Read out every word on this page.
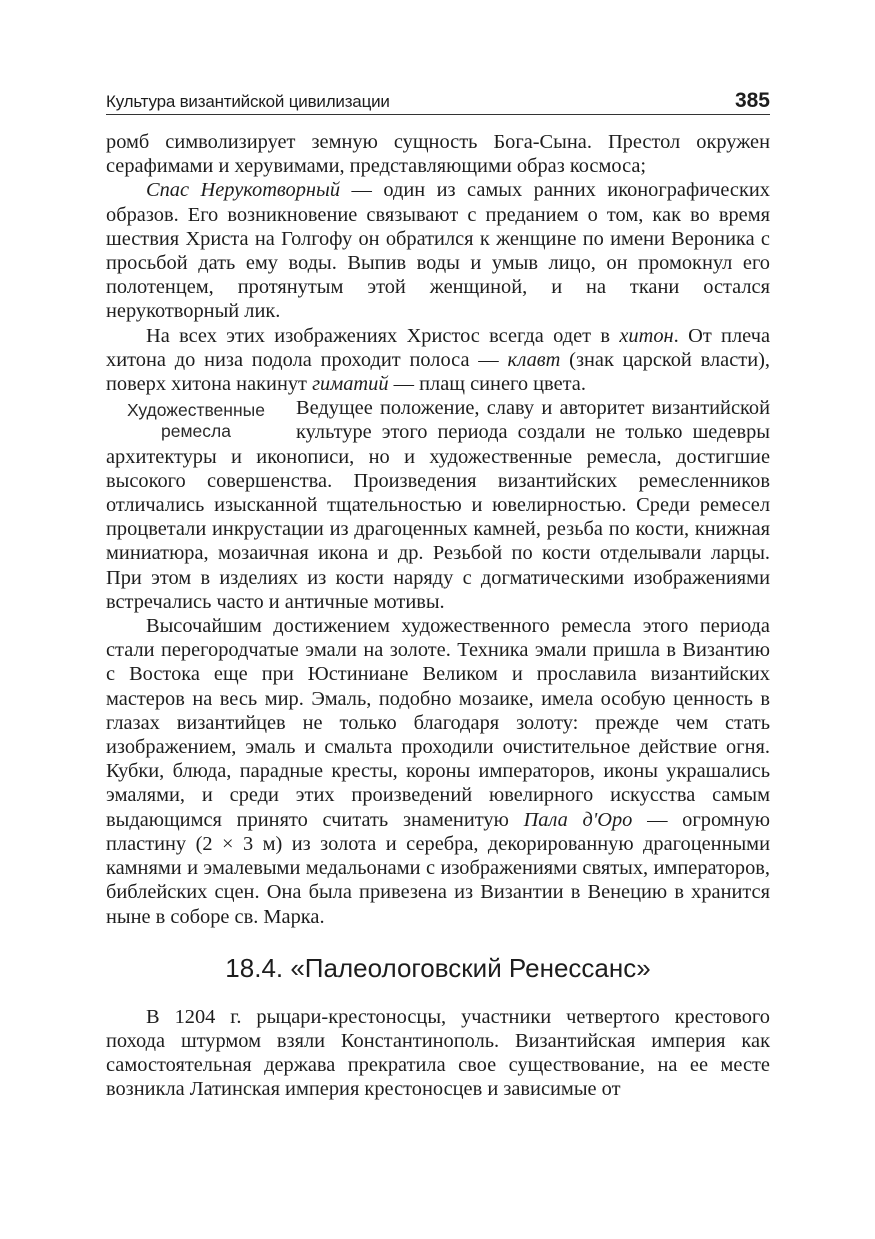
Культура византийской цивилизации	385

ромб символизирует земную сущность Бога-Сына. Престол окружен серафимами и херувимами, представляющими образ космоса;

Спас Нерукотворный — один из самых ранних иконографических образов. Его возникновение связывают с преданием о том, как во время шествия Христа на Голгофу он обратился к женщине по имени Вероника с просьбой дать ему воды. Выпив воды и умыв лицо, он промокнул его полотенцем, протянутым этой женщиной, и на ткани остался нерукотворный лик.

На всех этих изображениях Христос всегда одет в хитон. От плеча хитона до низа подола проходит полоса — клавт (знак царской власти), поверх хитона накинут гиматий — плащ синего цвета.

Художественные
ремесла
Ведущее положение, славу и авторитет византийской культуре этого периода создали не только шедевры архитектуры и иконописи, но и художественные ремесла, достигшие высокого совершенства. Произведения византийских ремесленников отличались изысканной тщательностью и ювелирностью. Среди ремесел процветали инкрустации из драгоценных камней, резьба по кости, книжная миниатюра, мозаичная икона и др. Резьбой по кости отделывали ларцы. При этом в изделиях из кости наряду с догматическими изображениями встречались часто и античные мотивы.

Высочайшим достижением художественного ремесла этого периода стали перегородчатые эмали на золоте. Техника эмали пришла в Византию с Востока еще при Юстиниане Великом и прославила византийских мастеров на весь мир. Эмаль, подобно мозаике, имела особую ценность в глазах византийцев не только благодаря золоту: прежде чем стать изображением, эмаль и смальта проходили очистительное действие огня. Кубки, блюда, парадные кресты, короны императоров, иконы украшались эмалями, и среди этих произведений ювелирного искусства самым выдающимся принято считать знаменитую Пала д'Оро — огромную пластину (2 × 3 м) из золота и серебра, декорированную драгоценными камнями и эмалевыми медальонами с изображениями святых, императоров, библейских сцен. Она была привезена из Византии в Венецию в хранится ныне в соборе св. Марка.

18.4. «Палеологовский Ренессанс»

В 1204 г. рыцари-крестоносцы, участники четвертого крестового похода штурмом взяли Константинополь. Византийская империя как самостоятельная держава прекратила свое существование, на ее месте возникла Латинская империя крестоносцев и зависимые от
